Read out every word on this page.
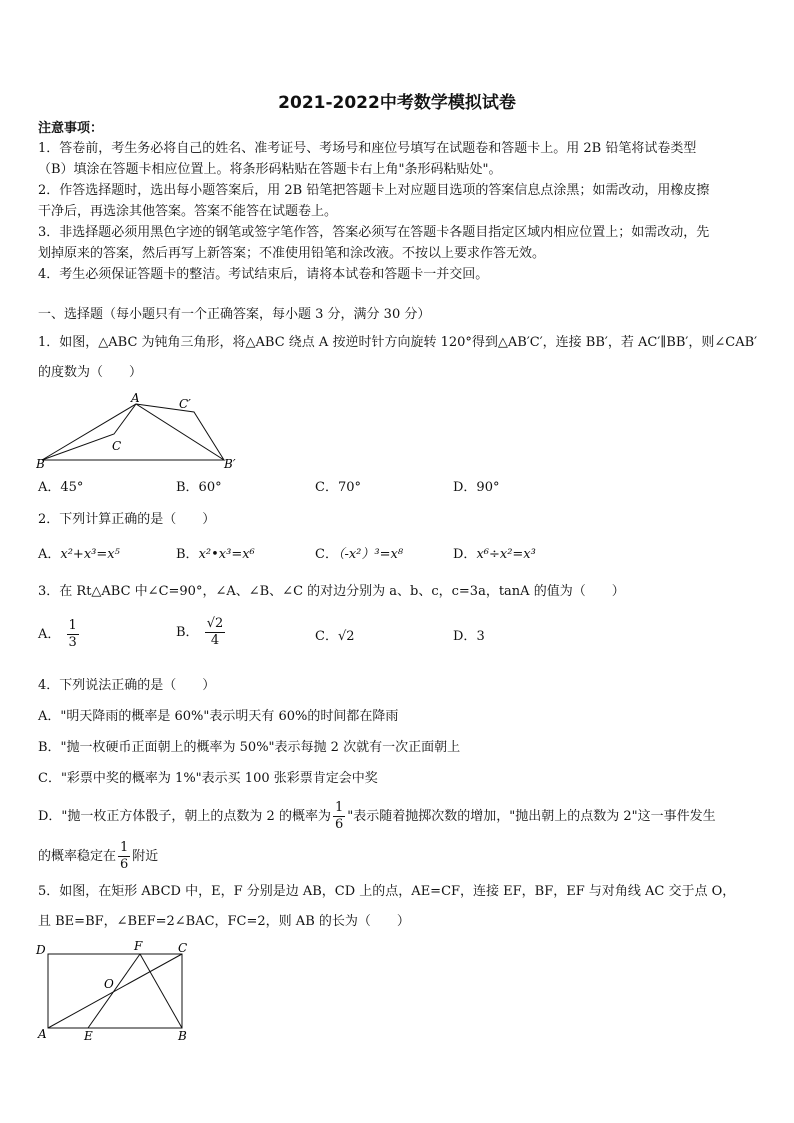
2021-2022中考数学模拟试卷
注意事项：
1．答卷前，考生务必将自己的姓名、准考证号、考场号和座位号填写在试题卷和答题卡上。用 2B 铅笔将试卷类型
（B）填涂在答题卡相应位置上。将条形码粘贴在答题卡右上角"条形码粘贴处"。
2．作答选择题时，选出每小题答案后，用 2B 铅笔把答题卡上对应题目选项的答案信息点涂黑；如需改动，用橡皮擦
干净后，再选涂其他答案。答案不能答在试题卷上。
3．非选择题必须用黑色字迹的钢笔或签字笔作答，答案必须写在答题卡各题目指定区域内相应位置上；如需改动，先
划掉原来的答案，然后再写上新答案；不准使用铅笔和涂改液。不按以上要求作答无效。
4．考生必须保证答题卡的整洁。考试结束后，请将本试卷和答题卡一并交回。
一、选择题（每小题只有一个正确答案，每小题 3 分，满分 30 分）
1．如图，△ABC 为钝角三角形，将△ABC 绕点 A 按逆时针方向旋转 120°得到△AB′C′，连接 BB′，若 AC′∥BB′，则∠CAB′
的度数为（　　）
A
B
C
C′
B′
A．45°	B．60°	C．70°	D．90°
2．下列计算正确的是（　　）
A．x²+x³=x⁵	B．x²•x³=x⁶	C．（-x²）³=x⁸	D．x⁶÷x²=x³
3．在 Rt△ABC 中∠C=90°，∠A、∠B、∠C 的对边分别为 a、b、c，c=3a，tanA 的值为（　　）
A． $\frac{1}{3}$	B． $\frac{√2}{4}$	C．√2	D．3
4．下列说法正确的是（　　）
A．"明天降雨的概率是 60%"表示明天有 60%的时间都在降雨
B．"抛一枚硬币正面朝上的概率为 50%"表示每抛 2 次就有一次正面朝上
C．"彩票中奖的概率为 1%"表示买 100 张彩票肯定会中奖
D．"抛一枚正方体骰子，朝上的点数为 2 的概率为 $\frac{1}{6}$ "表示随着抛掷次数的增加，"抛出朝上的点数为 2"这一事件发生
的概率稳定在 $\frac{1}{6}$ 附近
5．如图，在矩形 ABCD 中，E，F 分别是边 AB，CD 上的点，AE=CF，连接 EF，BF，EF 与对角线 AC 交于点 O，
且 BE=BF，∠BEF=2∠BAC，FC=2，则 AB 的长为（　　）
D	F	C
O
A	E	B
